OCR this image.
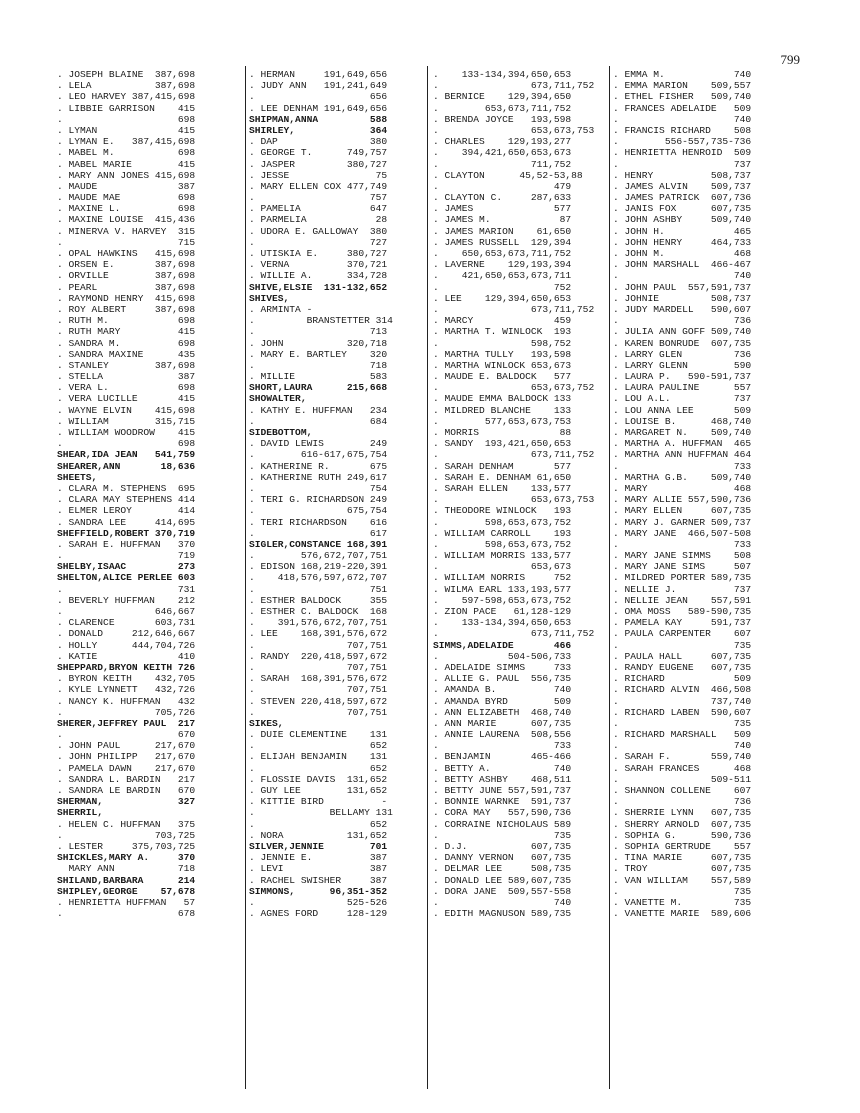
799
. JOSEPH BLAINE  387,698
. LELA           387,698
. LEO HARVEY 387,415,698
. LIBBIE GARRISON    415
.                    698
. LYMAN              415
. LYMAN E.   387,415,698
. MABEL M.           698
. MABEL MARIE        415
. MARY ANN JONES 415,698
. MAUDE              387
. MAUDE MAE          698
. MAXINE L.          698
. MAXINE LOUISE  415,436
. MINERVA V. HARVEY  315
.                    715
. OPAL HAWKINS   415,698
. ORSEN E.       387,698
. ORVILLE        387,698
. PEARL          387,698
. RAYMOND HENRY  415,698
. ROY ALBERT     387,698
. RUTH M.            698
. RUTH MARY          415
. SANDRA M.          698
. SANDRA MAXINE      435
. STANLEY        387,698
. STELLA             387
. VERA L.            698
. VERA LUCILLE       415
. WAYNE ELVIN    415,698
. WILLIAM        315,715
. WILLIAM WOODROW    415
.                    698
SHEAR,IDA JEAN   541,759
SHEARER,ANN       18,636
SHEETS,
. CLARA M. STEPHENS  695
. CLARA MAY STEPHENS 414
. ELMER LEROY        414
. SANDRA LEE     414,695
SHEFFIELD,ROBERT 370,719
. SARAH E. HUFFMAN   370
.                    719
SHELBY,ISAAC         273
SHELTON,ALICE PERLEE 603
.                    731
. BEVERLY HUFFMAN    212
.                646,667
. CLARENCE       603,731
. DONALD     212,646,667
. HOLLY      444,704,726
. KATIE              410
SHEPPARD,BRYON KEITH 726
. BYRON KEITH    432,705
. KYLE LYNNETT   432,726
. NANCY K. HUFFMAN   432
.                705,726
SHERER,JEFFREY PAUL  217
.                    670
. JOHN PAUL      217,670
. JOHN PHILIPP   217,670
. PAMELA DAWN    217,670
. SANDRA L. BARDIN   217
. SANDRA LE BARDIN   670
SHERMAN,             327
SHERRIL,
. HELEN C. HUFFMAN   375
.                703,725
. LESTER     375,703,725
SHICKLES,MARY A.     370
MARY ANN           718
SHILAND,BARBARA      214
SHIPLEY,GEORGE    57,678
. HENRIETTA HUFFMAN   57
.                    678
. HERMAN     191,649,656
. JUDY ANN   191,241,649
.                    656
. LEE DENHAM 191,649,656
SHIPMAN,ANNA         588
SHIRLEY,             364
. DAP                380
. GEORGE T.      749,757
. JASPER         380,727
. JESSE               75
. MARY ELLEN COX 477,749
.                    757
. PAMELIA            647
. PARMELIA            28
. UDORA E. GALLOWAY  380
.                    727
. UTISKIA E.     380,727
. VERNA          370,721
. WILLIE A.      334,728
SHIVE,ELSIE  131-132,652
SHIVES,
. ARMINTA -
.         BRANSTETTER 314
.                    713
. JOHN           320,718
. MARY E. BARTLEY    320
.                    718
. MILLIE             583
SHORT,LAURA      215,668
SHOWALTER,
. KATHY E. HUFFMAN   234
.                    684
SIDEBOTTOM,
. DAVID LEWIS        249
.        616-617,675,754
. KATHERINE R.       675
. KATHERINE RUTH 249,617
.                    754
. TERI G. RICHARDSON 249
.                675,754
. TERI RICHARDSON    616
.                    617
SIGLER,CONSTANCE 168,391
.        576,672,707,751
. EDISON 168,219-220,391
.    418,576,597,672,707
.                    751
. ESTHER BALDOCK     355
. ESTHER C. BALDOCK  168
.    391,576,672,707,751
. LEE    168,391,576,672
.                707,751
. RANDY  220,418,597,672
.                707,751
. SARAH  168,391,576,672
.                707,751
. STEVEN 220,418,597,672
.                707,751
SIKES,
. DUIE CLEMENTINE    131
.                    652
. ELIJAH BENJAMIN    131
.                    652
. FLOSSIE DAVIS  131,652
. GUY LEE        131,652
. KITTIE BIRD          -
.             BELLAMY 131
.                    652
. NORA           131,652
SILVER,JENNIE        701
. JENNIE E.          387
. LEVI               387
. RACHEL SWISHER     387
SIMMONS,      96,351-352
.                525-526
. AGNES FORD     128-129
.    133-134,394,650,653
.                673,711,752
. BERNICE    129,394,650
.        653,673,711,752
. BRENDA JOYCE   193,598
.                653,673,753
. CHARLES    129,193,277
.    394,421,650,653,673
.                711,752
. CLAYTON      45,52-53,88
.                    479
. CLAYTON C.     287,633
. JAMES              577
. JAMES M.            87
. JAMES MARION    61,650
. JAMES RUSSELL  129,394
.    650,653,673,711,752
. LAVERNE    129,193,394
.    421,650,653,673,711
.                    752
. LEE    129,394,650,653
.                673,711,752
. MARCY              459
. MARTHA T. WINLOCK  193
.                598,752
. MARTHA TULLY   193,598
. MARTHA WINLOCK 653,673
. MAUDE E. BALDOCK   577
.                653,673,752
. MAUDE EMMA BALDOCK 133
. MILDRED BLANCHE    133
.        577,653,673,753
. MORRIS              88
. SANDY  193,421,650,653
.                673,711,752
. SARAH DENHAM       577
. SARAH E. DENHAM 61,650
. SARAH ELLEN    133,577
.                653,673,753
. THEODORE WINLOCK   193
.        598,653,673,752
. WILLIAM CARROLL    193
.        598,653,673,752
. WILLIAM MORRIS 133,577
.                653,673
. WILLIAM NORRIS     752
. WILMA EARL 133,193,577
.    597-598,653,673,752
. ZION PACE   61,128-129
.    133-134,394,650,653
.                673,711,752
SIMMS,ADELAIDE       466
.            504-506,733
. ADELAIDE SIMMS     733
. ALLIE G. PAUL  556,735
. AMANDA B.          740
. AMANDA BYRD        509
. ANN ELIZABETH  468,740
. ANN MARIE      607,735
. ANNIE LAURENA  508,556
.                    733
. BENJAMIN       465-466
. BETTY A.           740
. BETTY ASHBY    468,511
. BETTY JUNE 557,591,737
. BONNIE WARNKE  591,737
. CORA MAY   557,590,736
. CORRAINE NICHOLAUS 589
.                    735
. D.J.           607,735
. DANNY VERNON   607,735
. DELMAR LEE     508,735
. DONALD LEE 589,607,735
. DORA JANE  509,557-558
.                    740
. EDITH MAGNUSON 589,735
. EMMA M.            740
. EMMA MARION    509,557
. ETHEL FISHER   509,740
. FRANCES ADELAIDE   509
.                    740
. FRANCIS RICHARD    508
.        556-557,735-736
. HENRIETTA HENROID  509
.                    737
. HENRY          508,737
. JAMES ALVIN    509,737
. JAMES PATRICK  607,736
. JANIS FOX      607,735
. JOHN ASHBY     509,740
. JOHN H.            465
. JOHN HENRY     464,733
. JOHN M.            468
. JOHN MARSHALL  466-467
.                    740
. JOHN PAUL  557,591,737
. JOHNIE         508,737
. JUDY MARDELL   590,607
.                    736
. JULIA ANN GOFF 509,740
. KAREN BONRUDE  607,735
. LARRY GLEN         736
. LARRY GLENN        590
. LAURA P.   590-591,737
. LAURA PAULINE      557
. LOU A.L.           737
. LOU ANNA LEE       509
. LOUISE B.      468,740
. MARGARET N.    509,740
. MARTHA A. HUFFMAN  465
. MARTHA ANN HUFFMAN 464
.                    733
. MARTHA G.B.    509,740
. MARY               468
. MARY ALLIE 557,590,736
. MARY ELLEN     607,735
. MARY J. GARNER 509,737
. MARY JANE  466,507-508
.                    733
. MARY JANE SIMMS    508
. MARY JANE SIMS     507
. MILDRED PORTER 589,735
. NELLIE J.          737
. NELLIE JEAN    557,591
. OMA MOSS   589-590,735
. PAMELA KAY     591,737
. PAULA CARPENTER    607
.                    735
. PAULA HALL     607,735
. RANDY EUGENE   607,735
. RICHARD            509
. RICHARD ALVIN  466,508
.                737,740
. RICHARD LABEN  590,607
.                    735
. RICHARD MARSHALL   509
.                    740
. SARAH F.       559,740
. SARAH FRANCES      468
.                509-511
. SHANNON COLLENE    607
.                    736
. SHERRIE LYNN   607,735
. SHERRY ARNOLD  607,735
. SOPHIA G.      590,736
. SOPHIA GERTRUDE    557
. TINA MARIE     607,735
. TROY           607,735
. VAN WILLIAM    557,589
.                    735
. VANETTE M.         735
. VANETTE MARIE  589,606
